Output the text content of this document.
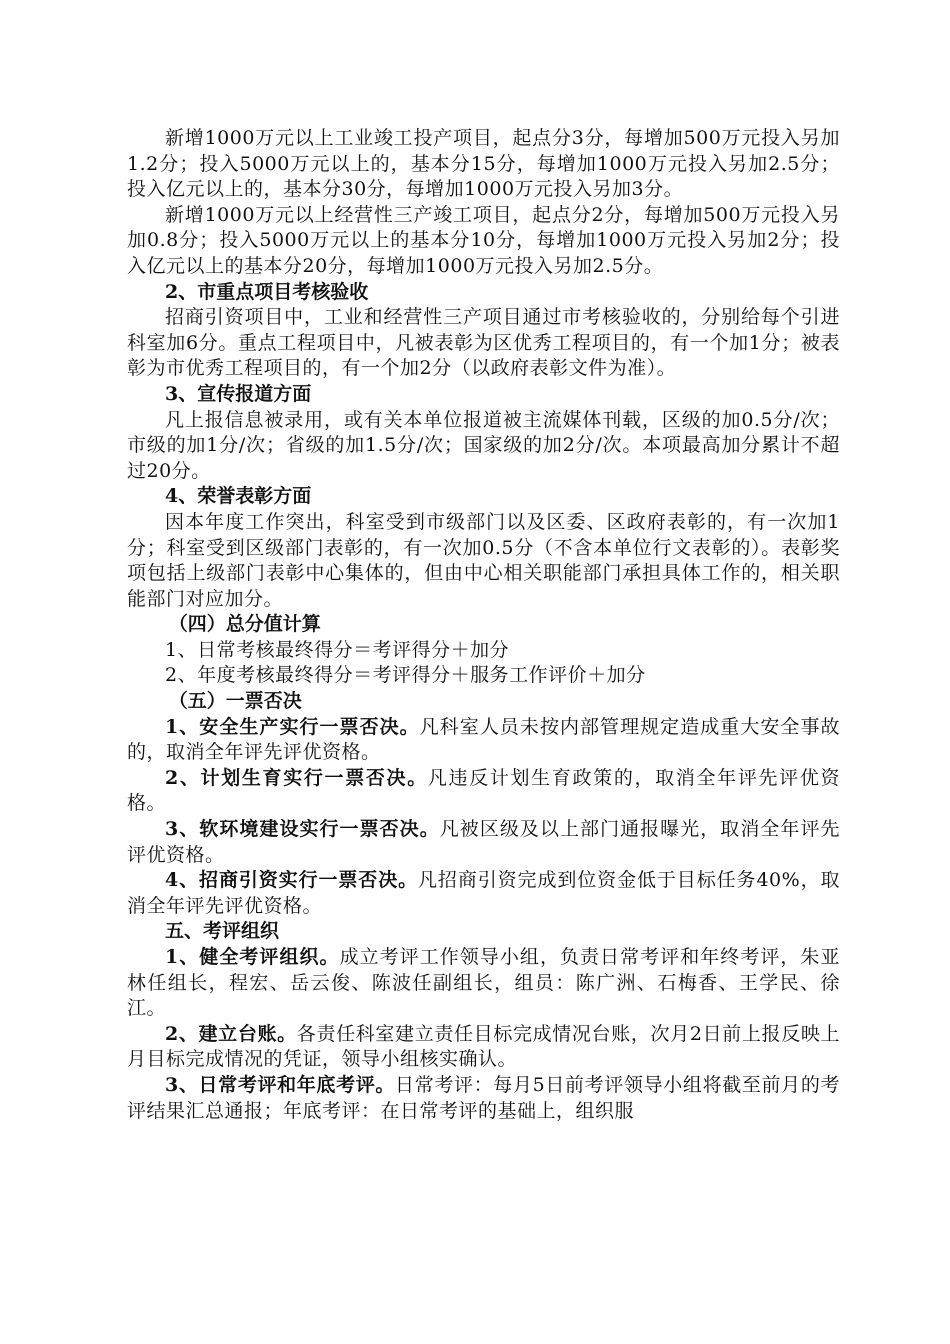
新增1000万元以上工业竣工投产项目，起点分3分，每增加500万元投入另加1.2分；投入5000万元以上的，基本分15分，每增加1000万元投入另加2.5分；投入亿元以上的，基本分30分，每增加1000万元投入另加3分。

新增1000万元以上经营性三产竣工项目，起点分2分，每增加500万元投入另加0.8分；投入5000万元以上的基本分10分，每增加1000万元投入另加2分；投入亿元以上的基本分20分，每增加1000万元投入另加2.5分。

2、市重点项目考核验收

招商引资项目中，工业和经营性三产项目通过市考核验收的，分别给每个引进科室加6分。重点工程项目中，凡被表彰为区优秀工程项目的，有一个加1分；被表彰为市优秀工程项目的，有一个加2分（以政府表彰文件为准）。

3、宣传报道方面

凡上报信息被录用，或有关本单位报道被主流媒体刊载，区级的加0.5分/次；市级的加1分/次；省级的加1.5分/次；国家级的加2分/次。本项最高加分累计不超过20分。

4、荣誉表彰方面

因本年度工作突出，科室受到市级部门以及区委、区政府表彰的，有一次加1分；科室受到区级部门表彰的，有一次加0.5分（不含本单位行文表彰的）。表彰奖项包括上级部门表彰中心集体的，但由中心相关职能部门承担具体工作的，相关职能部门对应加分。

（四）总分值计算

1、日常考核最终得分＝考评得分＋加分

2、年度考核最终得分＝考评得分＋服务工作评价＋加分

（五）一票否决

1、安全生产实行一票否决。凡科室人员未按内部管理规定造成重大安全事故的，取消全年评先评优资格。

2、计划生育实行一票否决。凡违反计划生育政策的，取消全年评先评优资格。

3、软环境建设实行一票否决。凡被区级及以上部门通报曝光，取消全年评先评优资格。

4、招商引资实行一票否决。凡招商引资完成到位资金低于目标任务40%，取消全年评先评优资格。

五、考评组织

1、健全考评组织。成立考评工作领导小组，负责日常考评和年终考评，朱亚林任组长，程宏、岳云俊、陈波任副组长，组员：陈广洲、石梅香、王学民、徐江。

2、建立台账。各责任科室建立责任目标完成情况台账，次月2日前上报反映上月目标完成情况的凭证，领导小组核实确认。

3、日常考评和年底考评。日常考评：每月5日前考评领导小组将截至前月的考评结果汇总通报；年底考评：在日常考评的基础上，组织服
